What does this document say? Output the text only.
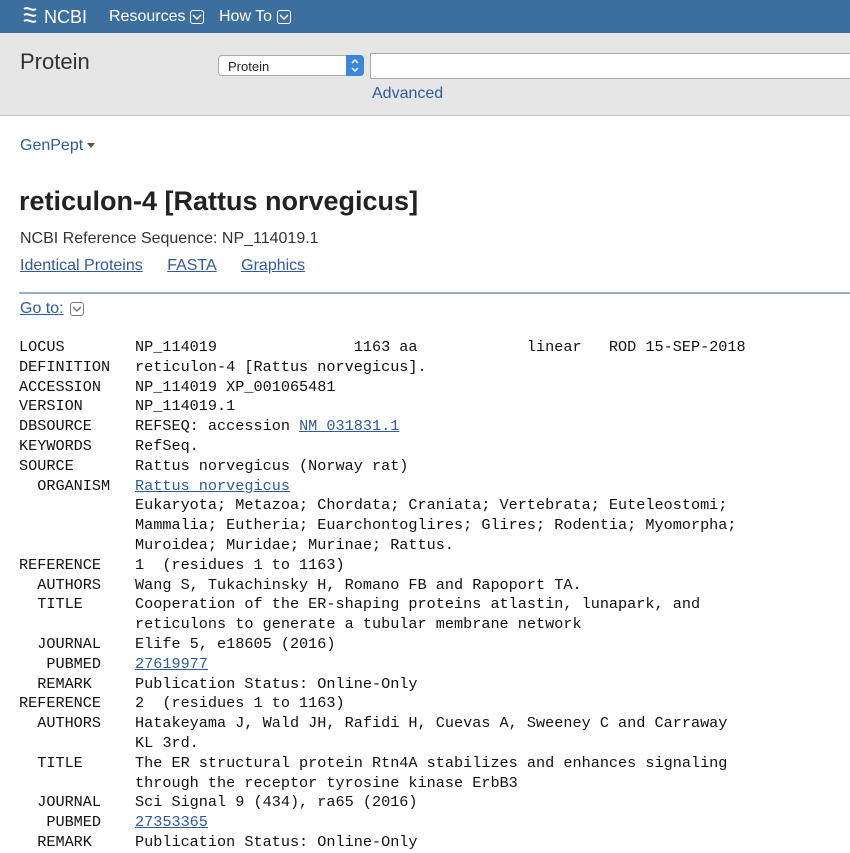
NCBI Resources How To
Protein	Protein
Advanced
GenPept
reticulon-4 [Rattus norvegicus]
NCBI Reference Sequence: NP_114019.1
Identical Proteins FASTA Graphics
Go to:
LOCUS	NP_114019               1163 aa            linear   ROD 15-SEP-2018
DEFINITION	reticulon-4 [Rattus norvegicus].
ACCESSION	NP_114019 XP_001065481
VERSION	NP_114019.1
DBSOURCE	REFSEQ: accession NM_031831.1
KEYWORDS	RefSeq.
SOURCE	Rattus norvegicus (Norway rat)
ORGANISM	Rattus norvegicus
Eukaryota; Metazoa; Chordata; Craniata; Vertebrata; Euteleostomi;
Mammalia; Eutheria; Euarchontoglires; Glires; Rodentia; Myomorpha;
Muroidea; Muridae; Murinae; Rattus.
REFERENCE	1  (residues 1 to 1163)
AUTHORS	Wang S, Tukachinsky H, Romano FB and Rapoport TA.
TITLE	Cooperation of the ER-shaping proteins atlastin, lunapark, and
reticulons to generate a tubular membrane network
JOURNAL	Elife 5, e18605 (2016)
PUBMED	27619977
REMARK	Publication Status: Online-Only
REFERENCE	2  (residues 1 to 1163)
AUTHORS	Hatakeyama J, Wald JH, Rafidi H, Cuevas A, Sweeney C and Carraway
KL 3rd.
TITLE	The ER structural protein Rtn4A stabilizes and enhances signaling
through the receptor tyrosine kinase ErbB3
JOURNAL	Sci Signal 9 (434), ra65 (2016)
PUBMED	27353365
REMARK	Publication Status: Online-Only
